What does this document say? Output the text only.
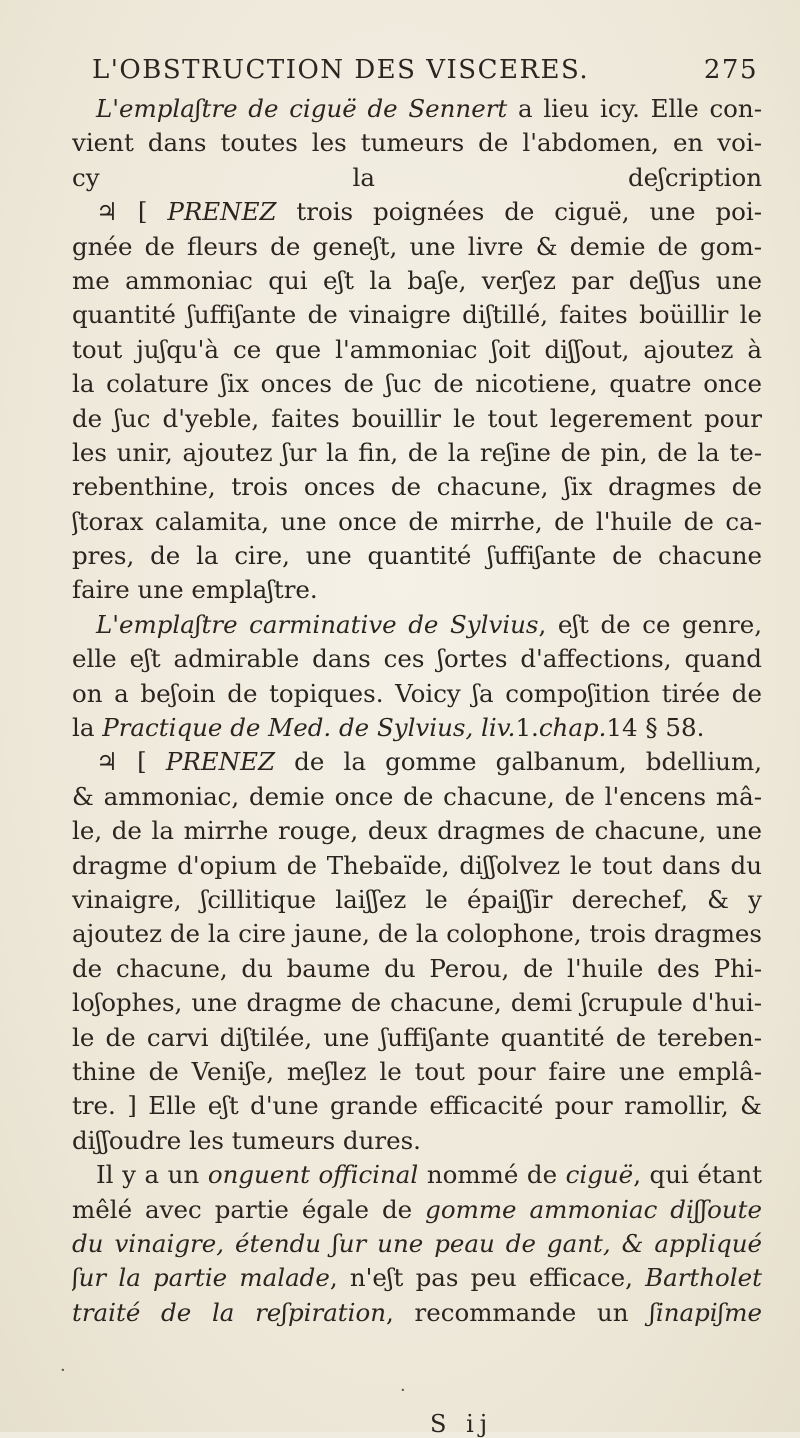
L'OBSTRUCTION DES VISCERES.	275
L'emplaʃtre de ciguë de Sennert a lieu icy. Elle con-
vient dans toutes les tumeurs de l'abdomen, en voi-
cy la deʃcription
♃ [ PRENEZ trois poignées de ciguë, une poi-
gnée de fleurs de geneʃt, une livre & demie de gom-
me ammoniac qui eʃt la baʃe, verʃez par deʃʃus une
quantité ʃuffiʃante de vinaigre diʃtillé, faites boüillir le
tout juʃqu'à ce que l'ammoniac ʃoit diʃʃout, ajoutez à
la colature ʃix onces de ʃuc de nicotiene, quatre once
de ʃuc d'yeble, faites bouillir le tout legerement pour
les unir, ajoutez ʃur la fin, de la reʃine de pin, de la te-
rebenthine, trois onces de chacune, ʃix dragmes de
ʃtorax calamita, une once de mirrhe, de l'huile de ca-
pres, de la cire, une quantité ʃuffiʃante de chacune
faire une emplaʃtre.
L'emplaʃtre carminative de Sylvius, eʃt de ce genre,
elle eʃt admirable dans ces ʃortes d'affections, quand
on a beʃoin de topiques. Voicy ʃa compoʃition tirée de
la Practique de Med. de Sylvius, liv.1.chap.14 § 58.
♃ [ PRENEZ de la gomme galbanum, bdellium,
& ammoniac, demie once de chacune, de l'encens mâ-
le, de la mirrhe rouge, deux dragmes de chacune, une
dragme d'opium de Thebaïde, diʃʃolvez le tout dans du
vinaigre, ʃcillitique laiʃʃez le épaiʃʃir derechef, & y
ajoutez de la cire jaune, de la colophone, trois dragmes
de chacune, du baume du Perou, de l'huile des Phi-
loʃophes, une dragme de chacune, demi ʃcrupule d'hui-
le de carvi diʃtilée, une ʃuffiʃante quantité de tereben-
thine de Veniʃe, meʃlez le tout pour faire une emplâ-
tre. ] Elle eʃt d'une grande efficacité pour ramollir, &
diʃʃoudre les tumeurs dures.
Il y a un onguent officinal nommé de ciguë, qui étant
mêlé avec partie égale de gomme ammoniac diʃʃoute
du vinaigre, étendu ʃur une peau de gant, & appliqué
ʃur la partie malade, n'eʃt pas peu efficace, Bartholet
traité de la reʃpiration, recommande un ʃinapiʃme
S ij
·
·
